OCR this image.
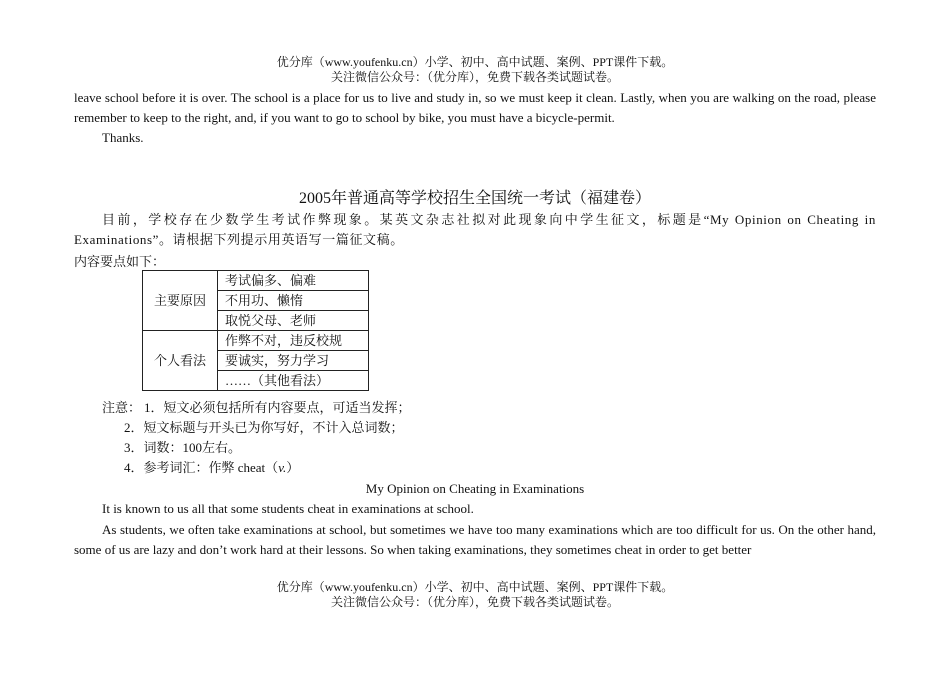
优分库（www.youfenku.cn）小学、初中、高中试题、案例、PPT课件下载。
关注微信公众号：（优分库），免费下载各类试题试卷。
leave school before it is over. The school is a place for us to live and study in, so we must keep it clean. Lastly, when you are walking on the road, please remember to keep to the right, and, if you want to go to school by bike, you must have a bicycle-permit.
Thanks.
2005年普通高等学校招生全国统一考试（福建卷）
目前，学校存在少数学生考试作弊现象。某英文杂志社拟对此现象向中学生征文，标题是“My Opinion on Cheating in Examinations”。请根据下列提示用英语写一篇征文稿。
内容要点如下：
主要原因	考试偏多、偏难
	不用功、懒惰
	取悦父母、老师
个人看法	作弊不对，违反校规
	要诚实，努力学习
	……（其他看法）
注意： 1．短文必须包括所有内容要点，可适当发挥；
2．短文标题与开头已为你写好，不计入总词数；
3．词数：100左右。
4．参考词汇：作弊 cheat（v.）
My Opinion on Cheating in Examinations
It is known to us all that some students cheat in examinations at school.
As students, we often take examinations at school, but sometimes we have too many examinations which are too difficult for us. On the other hand, some of us are lazy and don’t work hard at their lessons. So when taking examinations, they sometimes cheat in order to get better
优分库（www.youfenku.cn）小学、初中、高中试题、案例、PPT课件下载。
关注微信公众号：（优分库），免费下载各类试题试卷。
